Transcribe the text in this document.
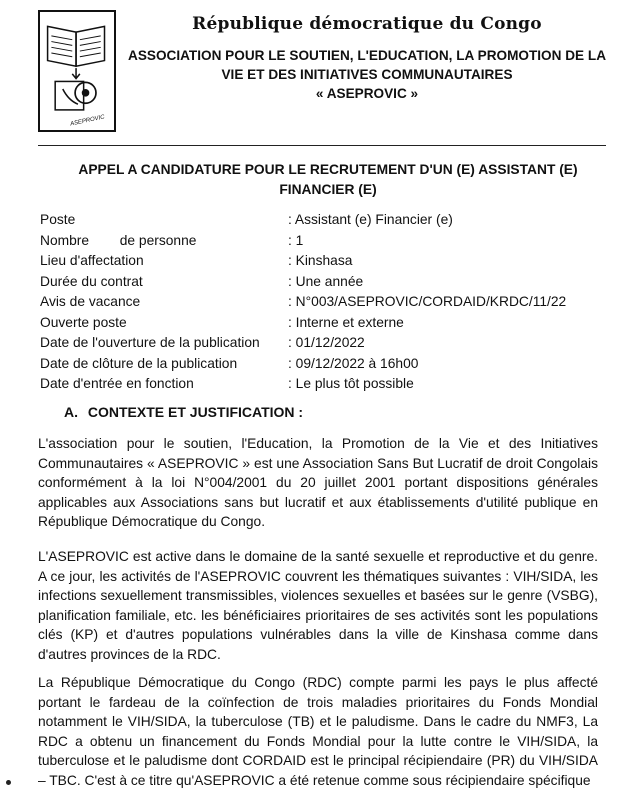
ASEPROVIC
République démocratique du Congo
ASSOCIATION POUR LE SOUTIEN, L'EDUCATION, LA PROMOTION DE LA
VIE ET DES INITIATIVES COMMUNAUTAIRES
« ASEPROVIC »
APPEL A CANDIDATURE POUR LE RECRUTEMENT D'UN (E) ASSISTANT (E)
FINANCIER (E)
Poste	: Assistant (e) Financier (e)
Nombre        de personne	: 1
Lieu d'affectation	: Kinshasa
Durée du contrat	: Une année
Avis de vacance	: N°003/ASEPROVIC/CORDAID/KRDC/11/22
Ouverte poste	: Interne et externe
Date de l'ouverture de la publication	: 01/12/2022
Date de clôture de la publication	: 09/12/2022 à 16h00
Date d'entrée en fonction	: Le plus tôt possible
A. CONTEXTE ET JUSTIFICATION :

L'association pour le soutien, l'Education, la Promotion de la Vie et des Initiatives Communautaires « ASEPROVIC » est une Association Sans But Lucratif de droit Congolais conformément à la loi N°004/2001 du 20 juillet 2001 portant dispositions générales applicables aux Associations sans but lucratif et aux établissements d'utilité publique en République Démocratique du Congo.

L'ASEPROVIC est active dans le domaine de la santé sexuelle et reproductive et du genre. A ce jour, les activités de l'ASEPROVIC couvrent les thématiques suivantes : VIH/SIDA, les infections sexuellement transmissibles, violences sexuelles et basées sur le genre (VSBG), planification familiale, etc. les bénéficiaires prioritaires de ses activités sont les populations clés (KP) et d'autres populations vulnérables dans la ville de Kinshasa comme dans d'autres provinces de la RDC.

La République Démocratique du Congo (RDC) compte parmi les pays le plus affecté portant le fardeau de la coïnfection de trois maladies prioritaires du Fonds Mondial notamment le VIH/SIDA, la tuberculose (TB) et le paludisme. Dans le cadre du NMF3, La RDC a obtenu un financement du Fonds Mondial pour la lutte contre le VIH/SIDA, la tuberculose et le paludisme dont CORDAID est le principal récipiendaire (PR) du VIH/SIDA – TBC. C'est à ce titre qu'ASEPROVIC a été retenue comme sous récipiendaire spécifique
